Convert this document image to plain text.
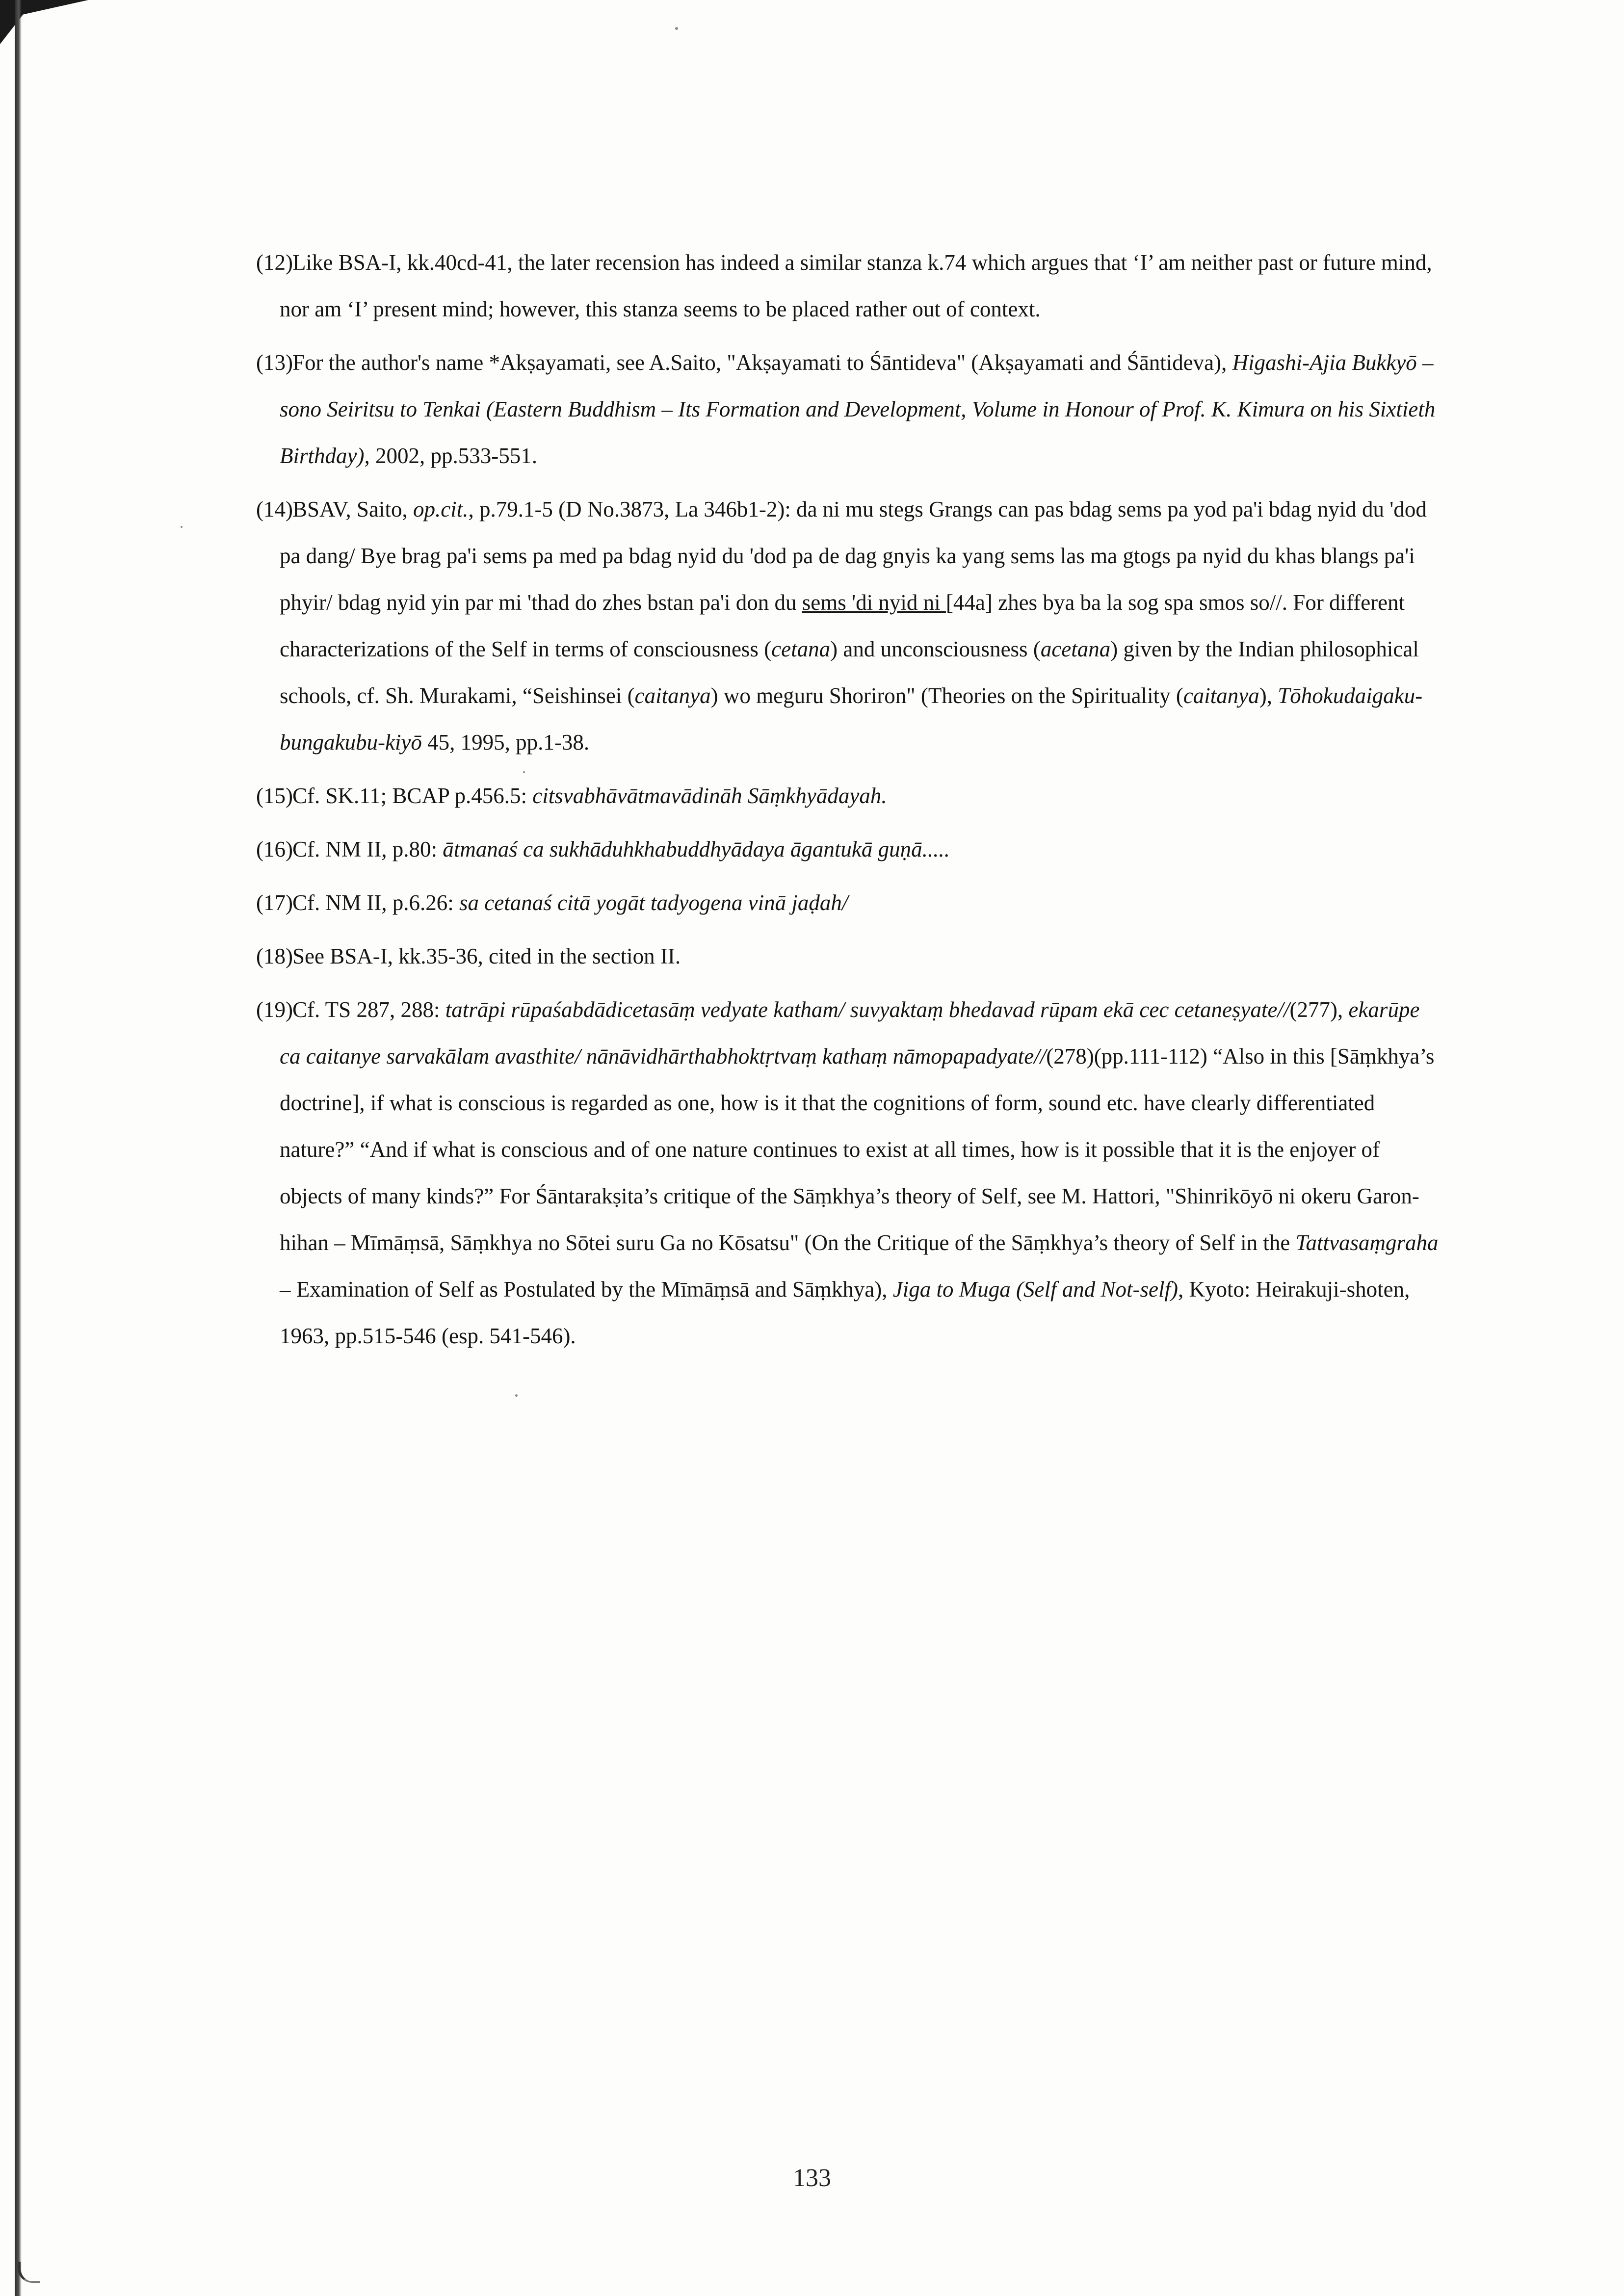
(12) Like BSA-I, kk.40cd-41, the later recension has indeed a similar stanza k.74 which argues that ‘I’ am neither past or future mind, nor am ‘I’ present mind; however, this stanza seems to be placed rather out of context.
(13) For the author's name *Akṣayamati, see A.Saito, "Akṣayamati to Śāntideva" (Akṣayamati and Śāntideva), Higashi-Ajia Bukkyō – sono Seiritsu to Tenkai (Eastern Buddhism – Its Formation and Development, Volume in Honour of Prof. K. Kimura on his Sixtieth Birthday), 2002, pp.533-551.
(14) BSAV, Saito, op.cit., p.79.1-5 (D No.3873, La 346b1-2): da ni mu stegs Grangs can pas bdag sems pa yod pa'i bdag nyid du 'dod pa dang/ Bye brag pa'i sems pa med pa bdag nyid du 'dod pa de dag gnyis ka yang sems las ma gtogs pa nyid du khas blangs pa'i phyir/ bdag nyid yin par mi 'thad do zhes bstan pa'i don du sems 'di nyid ni [44a] zhes bya ba la sog spa smos so//. For different characterizations of the Self in terms of consciousness (cetana) and unconsciousness (acetana) given by the Indian philosophical schools, cf. Sh. Murakami, “Seishinsei (caitanya) wo meguru Shoriron" (Theories on the Spirituality (caitanya), Tōhokudaigaku-bungakubu-kiyō 45, 1995, pp.1-38.
(15) Cf. SK.11; BCAP p.456.5: citsvabhāvātmavādināh Sāṃkhyādayah.
(16) Cf. NM II, p.80: ātmanaś ca sukhāduhkhabuddhyādaya āgantukā guṇā.....
(17) Cf. NM II, p.6.26: sa cetanaś citā yogāt tadyogena vinā jaḍah/
(18) See BSA-I, kk.35-36, cited in the section II.
(19) Cf. TS 287, 288: tatrāpi rūpaśabdādicetasāṃ vedyate katham/ suvyaktaṃ bhedavad rūpam ekā cec cetaneṣyate//(277), ekarūpe ca caitanye sarvakālam avasthite/ nānāvidhārthabhoktṛtvaṃ kathaṃ nāmopapadyate//(278)(pp.111-112) “Also in this [Sāṃkhya’s doctrine], if what is conscious is regarded as one, how is it that the cognitions of form, sound etc. have clearly differentiated nature?” “And if what is conscious and of one nature continues to exist at all times, how is it possible that it is the enjoyer of objects of many kinds?” For Śāntarakṣita’s critique of the Sāṃkhya’s theory of Self, see M. Hattori, "Shinrikōyō ni okeru Garon-hihan – Mīmāṃsā, Sāṃkhya no Sōtei suru Ga no Kōsatsu" (On the Critique of the Sāṃkhya’s theory of Self in the Tattvasaṃgraha – Examination of Self as Postulated by the Mīmāṃsā and Sāṃkhya), Jiga to Muga (Self and Not-self), Kyoto: Heirakuji-shoten, 1963, pp.515-546 (esp. 541-546).
133
